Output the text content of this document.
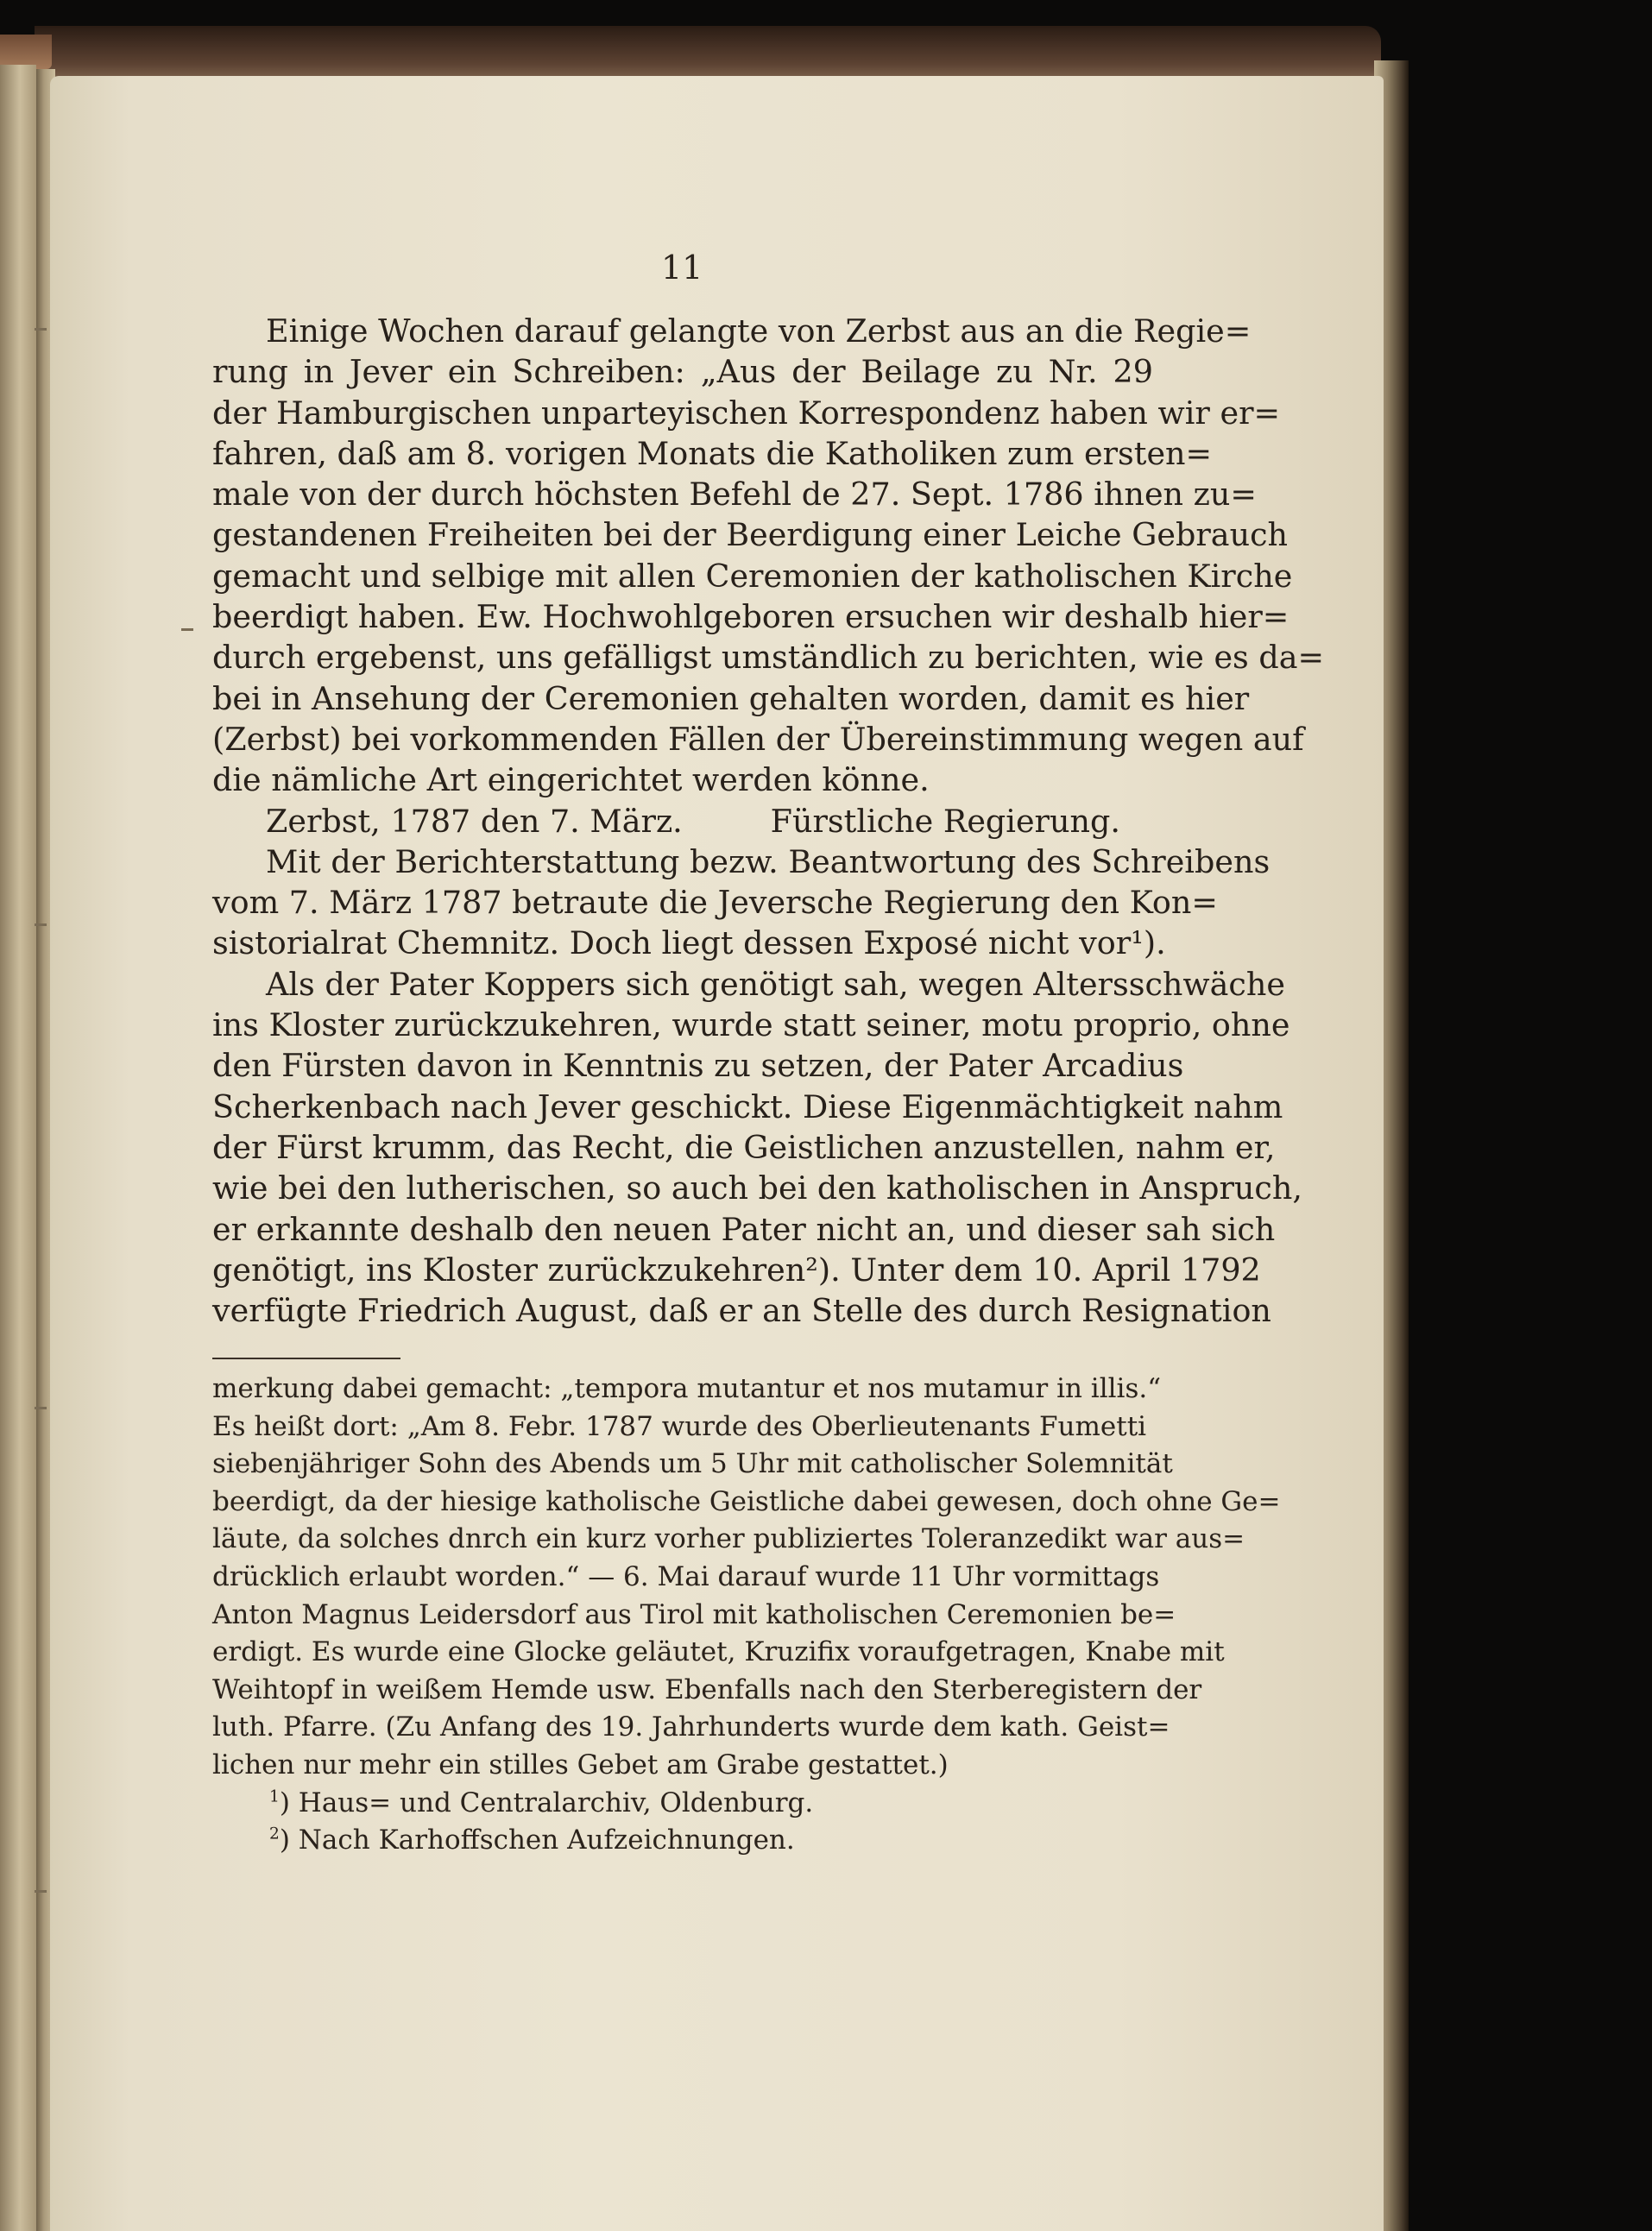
11
Einige Wochen darauf gelangte von Zerbst aus an die Regie=
rung in Jever ein Schreiben: „Aus der Beilage zu Nr. 29
der Hamburgischen unparteyischen Korrespondenz haben wir er=
fahren, daß am 8. vorigen Monats die Katholiken zum ersten=
male von der durch höchsten Befehl de 27. Sept. 1786 ihnen zu=
gestandenen Freiheiten bei der Beerdigung einer Leiche Gebrauch
gemacht und selbige mit allen Ceremonien der katholischen Kirche
beerdigt haben. Ew. Hochwohlgeboren ersuchen wir deshalb hier=
durch ergebenst, uns gefälligst umständlich zu berichten, wie es da=
bei in Ansehung der Ceremonien gehalten worden, damit es hier
(Zerbst) bei vorkommenden Fällen der Übereinstimmung wegen auf
die nämliche Art eingerichtet werden könne.
Zerbst, 1787 den 7. März.	Fürstliche Regierung.
Mit der Berichterstattung bezw. Beantwortung des Schreibens
vom 7. März 1787 betraute die Jeversche Regierung den Kon=
sistorialrat Chemnitz. Doch liegt dessen Exposé nicht vor¹).
Als der Pater Koppers sich genötigt sah, wegen Altersschwäche
ins Kloster zurückzukehren, wurde statt seiner, motu proprio, ohne
den Fürsten davon in Kenntnis zu setzen, der Pater Arcadius
Scherkenbach nach Jever geschickt. Diese Eigenmächtigkeit nahm
der Fürst krumm, das Recht, die Geistlichen anzustellen, nahm er,
wie bei den lutherischen, so auch bei den katholischen in Anspruch,
er erkannte deshalb den neuen Pater nicht an, und dieser sah sich
genötigt, ins Kloster zurückzukehren²). Unter dem 10. April 1792
verfügte Friedrich August, daß er an Stelle des durch Resignation
merkung dabei gemacht: „tempora mutantur et nos mutamur in illis.“
Es heißt dort: „Am 8. Febr. 1787 wurde des Oberlieutenants Fumetti
siebenjähriger Sohn des Abends um 5 Uhr mit catholischer Solemnität
beerdigt, da der hiesige katholische Geistliche dabei gewesen, doch ohne Ge=
läute, da solches dnrch ein kurz vorher publiziertes Toleranzedikt war aus=
drücklich erlaubt worden.“ — 6. Mai darauf wurde 11 Uhr vormittags
Anton Magnus Leidersdorf aus Tirol mit katholischen Ceremonien be=
erdigt. Es wurde eine Glocke geläutet, Kruzifix voraufgetragen, Knabe mit
Weihtopf in weißem Hemde usw. Ebenfalls nach den Sterberegistern der
luth. Pfarre. (Zu Anfang des 19. Jahrhunderts wurde dem kath. Geist=
lichen nur mehr ein stilles Gebet am Grabe gestattet.)
$^1$) Haus= und Centralarchiv, Oldenburg.
$^2$) Nach Karhoffschen Aufzeichnungen.
